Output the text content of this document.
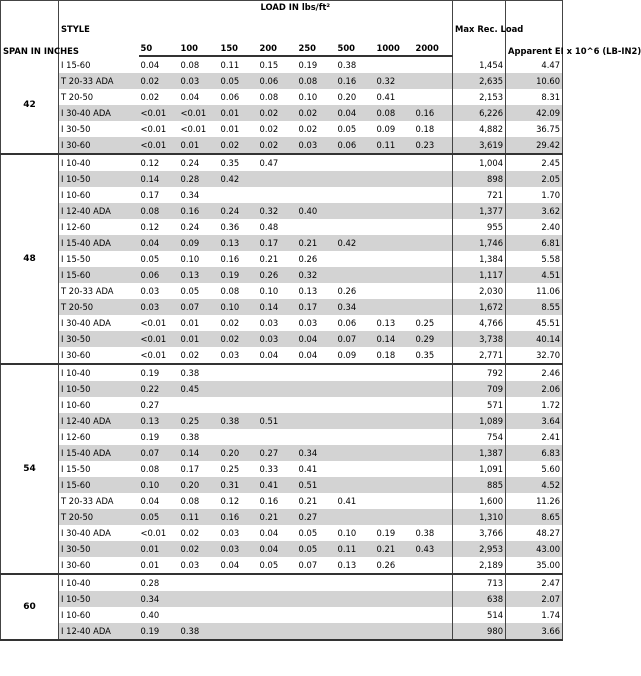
SPAN IN INCHES	STYLE	LOAD IN lbs/ft²								Max Rec. Load	Apparent EI x 10^6 (LB-IN2)
		50	100	150	200	250	500	1000	2000		
42	I 15-60	0.04	0.08	0.11	0.15	0.19	0.38			1,454	4.47
	T 20-33 ADA	0.02	0.03	0.05	0.06	0.08	0.16	0.32		2,635	10.60
	T 20-50	0.02	0.04	0.06	0.08	0.10	0.20	0.41		2,153	8.31
	I 30-40 ADA	<0.01	<0.01	0.01	0.02	0.02	0.04	0.08	0.16	6,226	42.09
	I 30-50	<0.01	<0.01	0.01	0.02	0.02	0.05	0.09	0.18	4,882	36.75
	I 30-60	<0.01	0.01	0.02	0.02	0.03	0.06	0.11	0.23	3,619	29.42
48	I 10-40	0.12	0.24	0.35	0.47					1,004	2.45
	I 10-50	0.14	0.28	0.42						898	2.05
	I 10-60	0.17	0.34							721	1.70
	I 12-40 ADA	0.08	0.16	0.24	0.32	0.40				1,377	3.62
	I 12-60	0.12	0.24	0.36	0.48					955	2.40
	I 15-40 ADA	0.04	0.09	0.13	0.17	0.21	0.42			1,746	6.81
	I 15-50	0.05	0.10	0.16	0.21	0.26				1,384	5.58
	I 15-60	0.06	0.13	0.19	0.26	0.32				1,117	4.51
	T 20-33 ADA	0.03	0.05	0.08	0.10	0.13	0.26			2,030	11.06
	T 20-50	0.03	0.07	0.10	0.14	0.17	0.34			1,672	8.55
	I 30-40 ADA	<0.01	0.01	0.02	0.03	0.03	0.06	0.13	0.25	4,766	45.51
	I 30-50	<0.01	0.01	0.02	0.03	0.04	0.07	0.14	0.29	3,738	40.14
	I 30-60	<0.01	0.02	0.03	0.04	0.04	0.09	0.18	0.35	2,771	32.70
54	I 10-40	0.19	0.38							792	2.46
	I 10-50	0.22	0.45							709	2.06
	I 10-60	0.27								571	1.72
	I 12-40 ADA	0.13	0.25	0.38	0.51					1,089	3.64
	I 12-60	0.19	0.38							754	2.41
	I 15-40 ADA	0.07	0.14	0.20	0.27	0.34				1,387	6.83
	I 15-50	0.08	0.17	0.25	0.33	0.41				1,091	5.60
	I 15-60	0.10	0.20	0.31	0.41	0.51				885	4.52
	T 20-33 ADA	0.04	0.08	0.12	0.16	0.21	0.41			1,600	11.26
	T 20-50	0.05	0.11	0.16	0.21	0.27				1,310	8.65
	I 30-40 ADA	<0.01	0.02	0.03	0.04	0.05	0.10	0.19	0.38	3,766	48.27
	I 30-50	0.01	0.02	0.03	0.04	0.05	0.11	0.21	0.43	2,953	43.00
	I 30-60	0.01	0.03	0.04	0.05	0.07	0.13	0.26		2,189	35.00
60	I 10-40	0.28								713	2.47
	I 10-50	0.34								638	2.07
	I 10-60	0.40								514	1.74
	I 12-40 ADA	0.19	0.38							980	3.66
